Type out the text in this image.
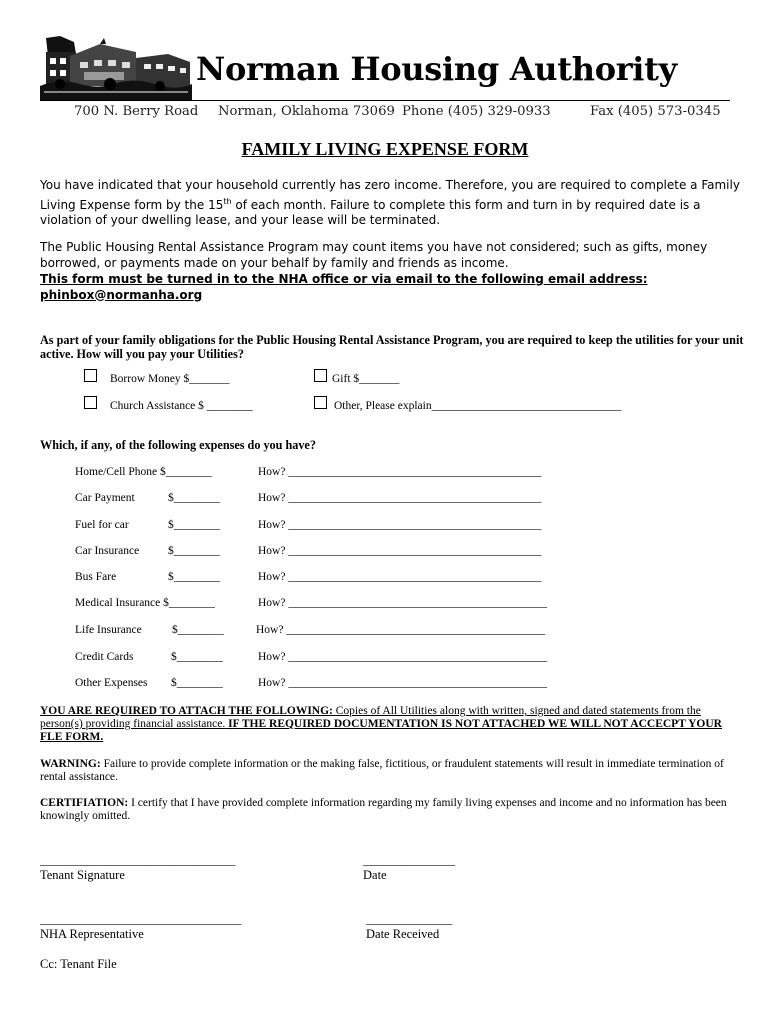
Norman Housing Authority
700 N. Berry Road Norman, Oklahoma 73069 Phone (405) 329-0933	Fax (405) 573-0345
FAMILY LIVING EXPENSE FORM
You have indicated that your household currently has zero income. Therefore, you are required to complete a Family Living Expense form by the 15th of each month. Failure to complete this form and turn in by required date is a violation of your dwelling lease, and your lease will be terminated.
The Public Housing Rental Assistance Program may count items you have not considered; such as gifts, money borrowed, or payments made on your behalf by family and friends as income.
This form must be turned in to the NHA office or via email to the following email address:
phinbox@normanha.org
As part of your family obligations for the Public Housing Rental Assistance Program, you are required to keep the utilities for your unit active. How will you pay your Utilities?
Borrow Money $_______	Gift $_______
Church Assistance $ ________	Other, Please explain_________________________________
Which, if any, of the following expenses do you have?
Home/Cell Phone $________	How? ____________________________________________
Car Payment	$________	How? ____________________________________________
Fuel for car	$________	How? ____________________________________________
Car Insurance	$________	How? ____________________________________________
Bus Fare	$________	How? ____________________________________________
Medical Insurance $________	How? _____________________________________________
Life Insurance	$________	How? _____________________________________________
Credit Cards	$________	How? _____________________________________________
Other Expenses $________	How? _____________________________________________
YOU ARE REQUIRED TO ATTACH THE FOLLOWING: Copies of All Utilities along with written, signed and dated statements from the person(s) providing financial assistance. IF THE REQUIRED DOCUMENTATION IS NOT ATTACHED WE WILL NOT ACCECPT YOUR FLE FORM.
WARNING: Failure to provide complete information or the making false, fictitious, or fraudulent statements will result in immediate termination of rental assistance.
CERTIFIATION: I certify that I have provided complete information regarding my family living expenses and income and no information has been knowingly omitted.
__________________________________
Tenant Signature
________________
Date
___________________________________
NHA Representative
_______________
Date Received
Cc: Tenant File
